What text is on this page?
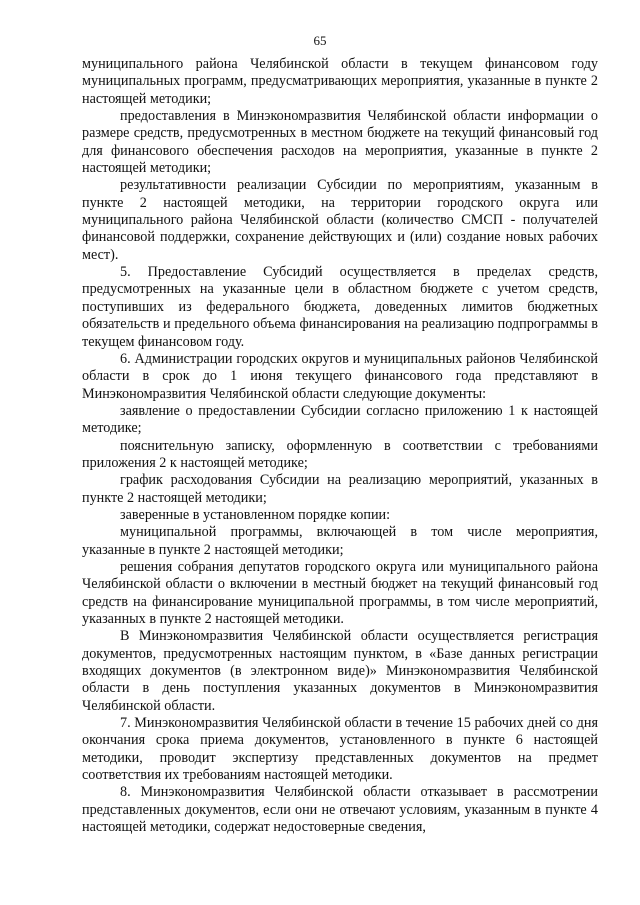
65

муниципального района Челябинской области в текущем финансовом году муниципальных программ, предусматривающих мероприятия, указанные в пункте 2 настоящей методики;

предоставления в Минэкономразвития Челябинской области информации о размере средств, предусмотренных в местном бюджете на текущий финансовый год для финансового обеспечения расходов на мероприятия, указанные в пункте 2 настоящей методики;

результативности реализации Субсидии по мероприятиям, указанным в пункте 2 настоящей методики, на территории городского округа или муниципального района Челябинской области (количество СМСП - получателей финансовой поддержки, сохранение действующих и (или) создание новых рабочих мест).

5. Предоставление Субсидий осуществляется в пределах средств, предусмотренных на указанные цели в областном бюджете с учетом средств, поступивших из федерального бюджета, доведенных лимитов бюджетных обязательств и предельного объема финансирования на реализацию подпрограммы в текущем финансовом году.

6. Администрации городских округов и муниципальных районов Челябинской области в срок до 1 июня текущего финансового года представляют в Минэкономразвития Челябинской области следующие документы:

заявление о предоставлении Субсидии согласно приложению 1 к настоящей методике;

пояснительную записку, оформленную в соответствии с требованиями приложения 2 к настоящей методике;

график расходования Субсидии на реализацию мероприятий, указанных в пункте 2 настоящей методики;

заверенные в установленном порядке копии:

муниципальной программы, включающей в том числе мероприятия, указанные в пункте 2 настоящей методики;

решения собрания депутатов городского округа или муниципального района Челябинской области о включении в местный бюджет на текущий финансовый год средств на финансирование муниципальной программы, в том числе мероприятий, указанных в пункте 2 настоящей методики.

В Минэкономразвития Челябинской области осуществляется регистрация документов, предусмотренных настоящим пунктом, в «Базе данных регистрации входящих документов (в электронном виде)» Минэкономразвития Челябинской области в день поступления указанных документов в Минэкономразвития Челябинской области.

7. Минэкономразвития Челябинской области в течение 15 рабочих дней со дня окончания срока приема документов, установленного в пункте 6 настоящей методики, проводит экспертизу представленных документов на предмет соответствия их требованиям настоящей методики.

8. Минэкономразвития Челябинской области отказывает в рассмотрении представленных документов, если они не отвечают условиям, указанным в пункте 4 настоящей методики, содержат недостоверные сведения,
